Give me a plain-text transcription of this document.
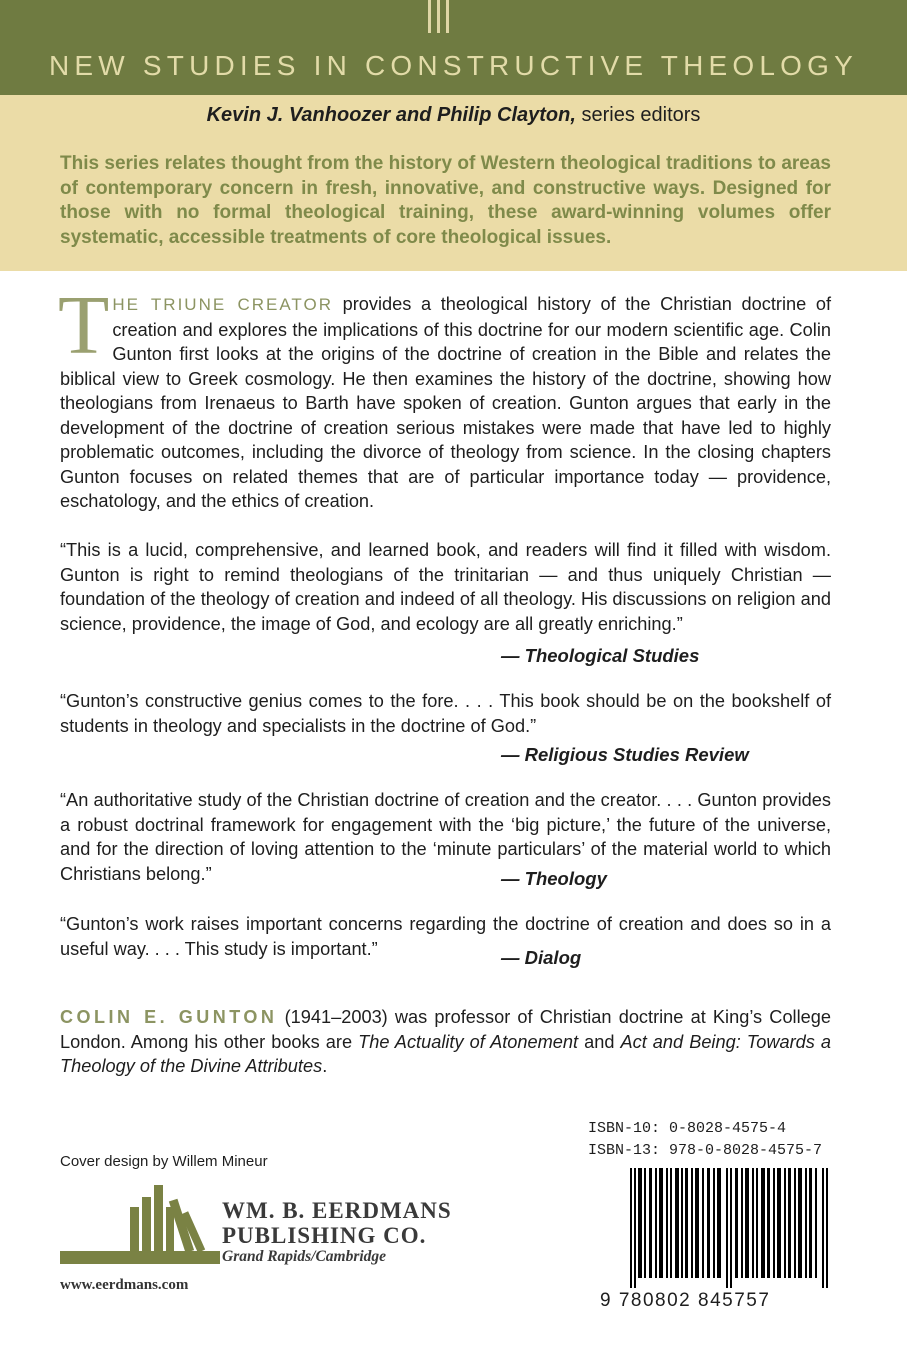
NEW STUDIES IN CONSTRUCTIVE THEOLOGY
Kevin J. Vanhoozer and Philip Clayton, series editors
This series relates thought from the history of Western theological traditions to areas of contemporary concern in fresh, innovative, and constructive ways. Designed for those with no formal theological training, these award-winning volumes offer systematic, accessible treatments of core theological issues.
THE TRIUNE CREATOR provides a theological history of the Christian doctrine of creation and explores the implications of this doctrine for our modern scientific age. Colin Gunton first looks at the origins of the doctrine of creation in the Bible and relates the biblical view to Greek cosmology. He then examines the history of the doctrine, showing how theologians from Irenaeus to Barth have spoken of creation. Gunton argues that early in the development of the doctrine of creation serious mistakes were made that have led to highly problematic outcomes, including the divorce of theology from science. In the closing chapters Gunton focuses on related themes that are of particular importance today — providence, eschatology, and the ethics of creation.
“This is a lucid, comprehensive, and learned book, and readers will find it filled with wisdom. Gunton is right to remind theologians of the trinitarian — and thus uniquely Christian — foundation of the theology of creation and indeed of all theology. His discussions on religion and science, providence, the image of God, and ecology are all greatly enriching.”
— Theological Studies
“Gunton’s constructive genius comes to the fore. . . . This book should be on the bookshelf of students in theology and specialists in the doctrine of God.”
— Religious Studies Review
“An authoritative study of the Christian doctrine of creation and the creator. . . . Gunton provides a robust doctrinal framework for engagement with the ‘big picture,’ the future of the universe, and for the direction of loving attention to the ‘minute particulars’ of the material world to which Christians belong.”	— Theology
“Gunton’s work raises important concerns regarding the doctrine of creation and does so in a useful way. . . . This study is important.”	— Dialog
COLIN E. GUNTON (1941–2003) was professor of Christian doctrine at King’s College London. Among his other books are The Actuality of Atonement and Act and Being: Towards a Theology of the Divine Attributes.
Cover design by Willem Mineur
WM. B. EERDMANS
PUBLISHING CO.
Grand Rapids/Cambridge
www.eerdmans.com
ISBN-10: 0-8028-4575-4
ISBN-13: 978-0-8028-4575-7
9 780802 845757
